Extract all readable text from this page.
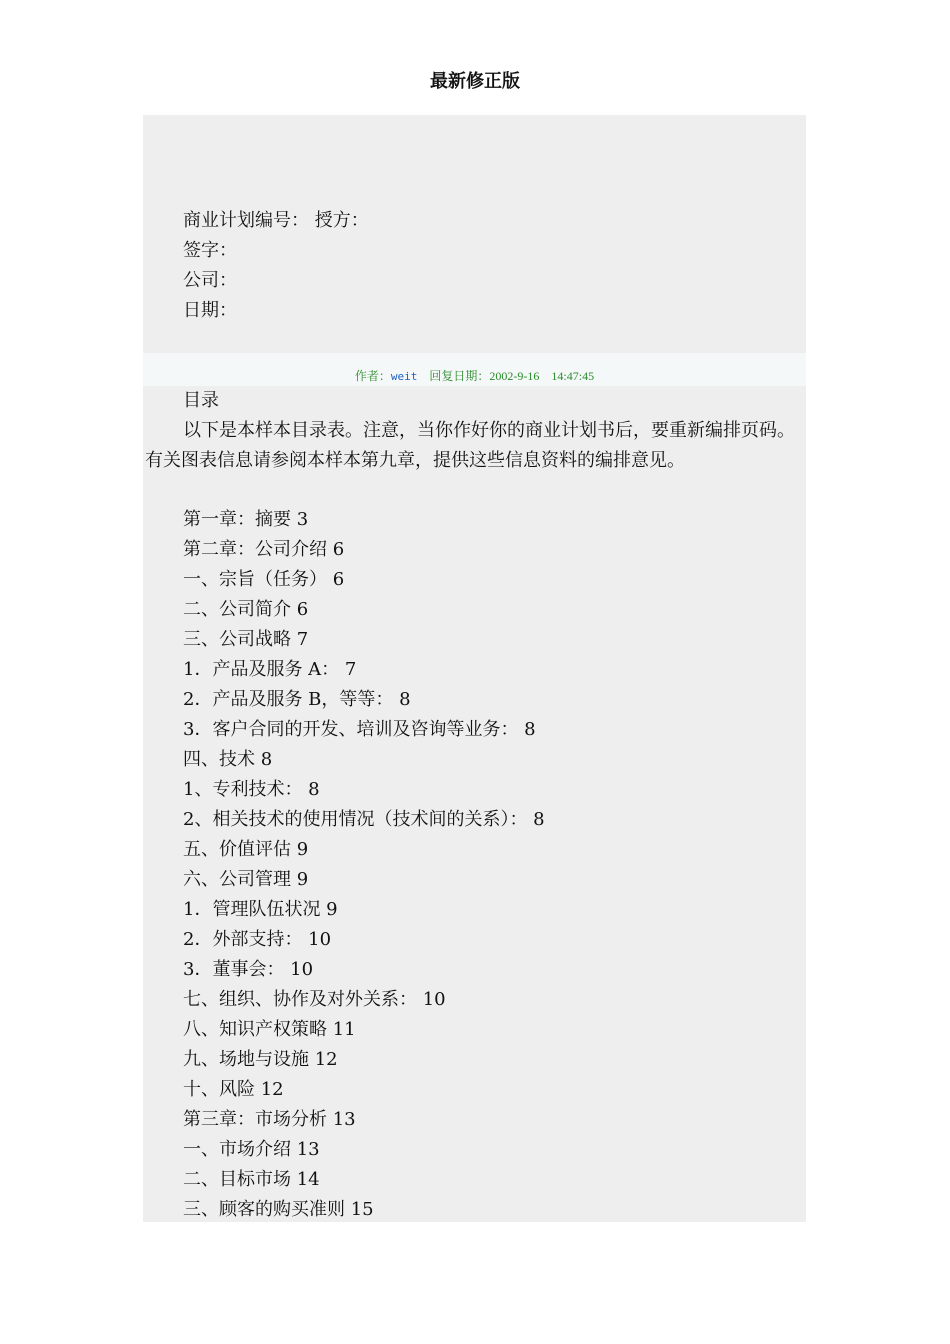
最新修正版
商业计划编号： 授方：
签字：
公司：
日期：
作者：weit 回复日期：2002-9-16 14:47:45
目录
以下是本样本目录表。注意，当你作好你的商业计划书后，要重新编排页码。
有关图表信息请参阅本样本第九章，提供这些信息资料的编排意见。
第一章：摘要 3
第二章：公司介绍 6
一、宗旨（任务） 6
二、公司简介 6
三、公司战略 7
1．产品及服务 A： 7
2．产品及服务 B，等等： 8
3．客户合同的开发、培训及咨询等业务： 8
四、技术 8
1、专利技术： 8
2、相关技术的使用情况（技术间的关系）： 8
五、价值评估 9
六、公司管理 9
1．管理队伍状况 9
2．外部支持： 10
3．董事会： 10
七、组织、协作及对外关系： 10
八、知识产权策略 11
九、场地与设施 12
十、风险 12
第三章：市场分析 13
一、市场介绍 13
二、目标市场 14
三、顾客的购买准则 15
